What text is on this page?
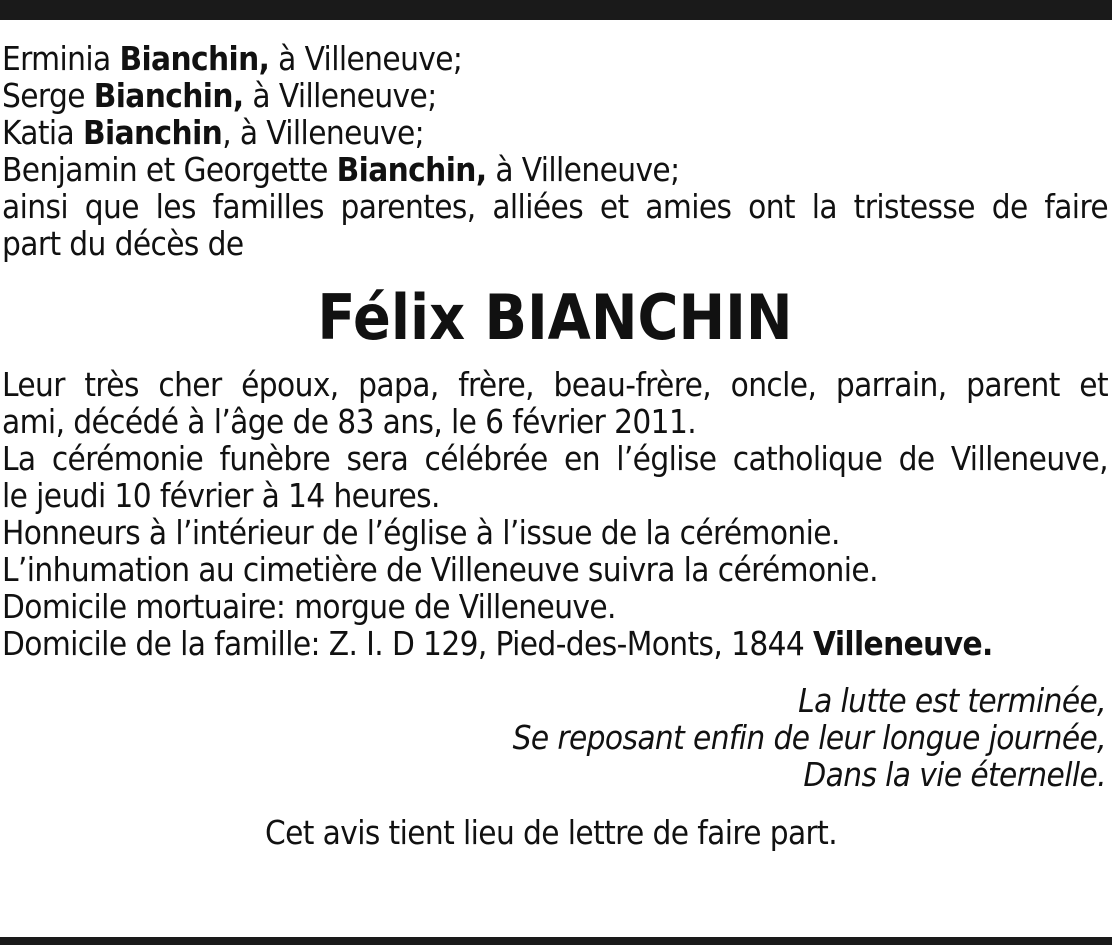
Erminia Bianchin, à Villeneuve;
Serge Bianchin, à Villeneuve;
Katia Bianchin, à Villeneuve;
Benjamin et Georgette Bianchin, à Villeneuve;
ainsi que les familles parentes, alliées et amies ont la tristesse de faire
part du décès de
Félix BIANCHIN
Leur très cher époux, papa, frère, beau-frère, oncle, parrain, parent et
ami, décédé à l’âge de 83 ans, le 6 février 2011.
La cérémonie funèbre sera célébrée en l’église catholique de Villeneuve,
le jeudi 10 février à 14 heures.
Honneurs à l’intérieur de l’église à l’issue de la cérémonie.
L’inhumation au cimetière de Villeneuve suivra la cérémonie.
Domicile mortuaire: morgue de Villeneuve.
Domicile de la famille: Z. I. D 129, Pied-des-Monts, 1844 Villeneuve.
La lutte est terminée,
Se reposant enfin de leur longue journée,
Dans la vie éternelle.
Cet avis tient lieu de lettre de faire part.
